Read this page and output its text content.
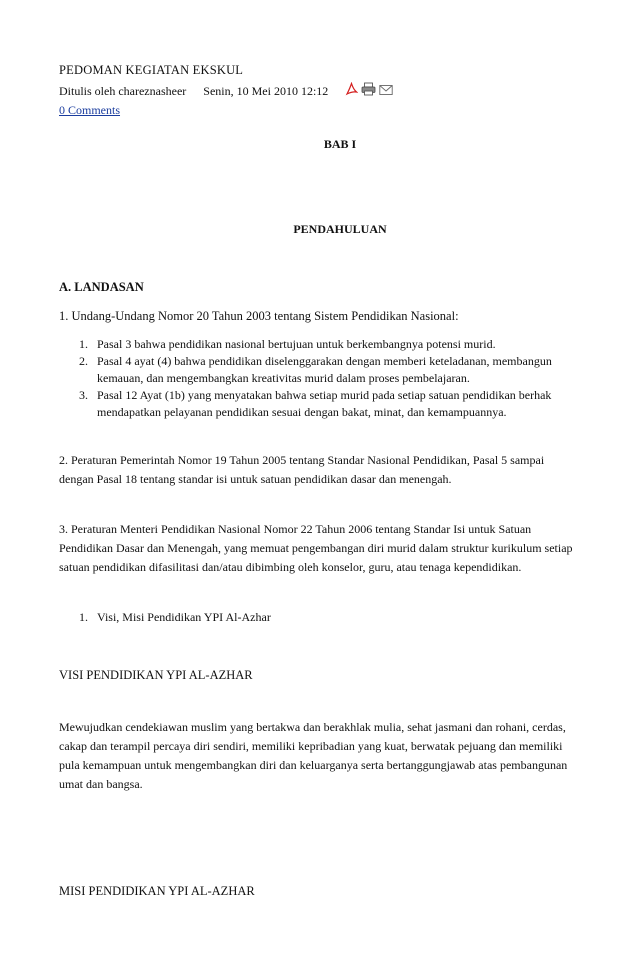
PEDOMAN KEGIATAN EKSKUL
Ditulis oleh chareznasheer Senin, 10 Mei 2010 12:12

0 Comments
BAB I
PENDAHULUAN
A. LANDASAN
1. Undang-Undang Nomor 20 Tahun 2003 tentang Sistem Pendidikan Nasional:
1. Pasal 3 bahwa pendidikan nasional bertujuan untuk berkembangnya potensi murid.
2. Pasal 4 ayat (4) bahwa pendidikan diselenggarakan dengan memberi keteladanan, membangun kemauan, dan mengembangkan kreativitas murid dalam proses pembelajaran.
3. Pasal 12 Ayat (1b) yang menyatakan bahwa setiap murid pada setiap satuan pendidikan berhak mendapatkan pelayanan pendidikan sesuai dengan bakat, minat, dan kemampuannya.
2. Peraturan Pemerintah Nomor 19 Tahun 2005 tentang Standar Nasional Pendidikan, Pasal 5 sampai dengan Pasal 18 tentang standar isi untuk satuan pendidikan dasar dan menengah.
3. Peraturan Menteri Pendidikan Nasional Nomor 22 Tahun 2006 tentang Standar Isi untuk Satuan Pendidikan Dasar dan Menengah, yang memuat pengembangan diri murid dalam struktur kurikulum setiap satuan pendidikan difasilitasi dan/atau dibimbing oleh konselor, guru, atau tenaga kependidikan.
1. Visi, Misi Pendidikan YPI Al-Azhar
VISI PENDIDIKAN YPI AL-AZHAR
Mewujudkan cendekiawan muslim yang bertakwa dan berakhlak mulia, sehat jasmani dan rohani, cerdas, cakap dan terampil percaya diri sendiri, memiliki kepribadian yang kuat, berwatak pejuang dan memiliki pula kemampuan untuk mengembangkan diri dan keluarganya serta bertanggungjawab atas pembangunan umat dan bangsa.
MISI PENDIDIKAN YPI AL-AZHAR
